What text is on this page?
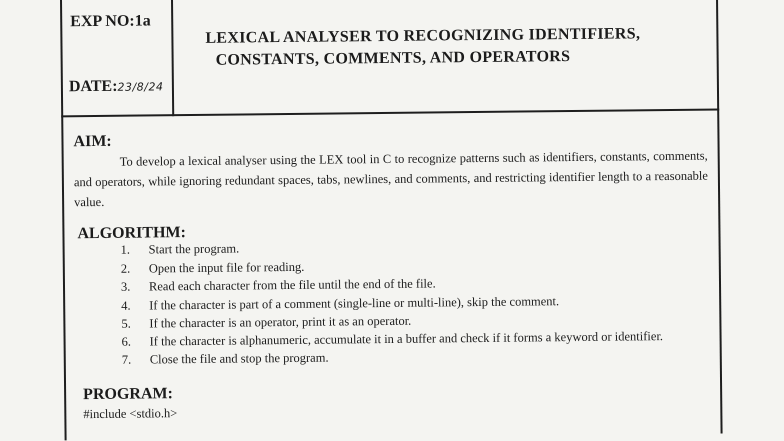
EXP NO:1a
DATE:23/8/24
LEXICAL ANALYSER TO RECOGNIZING IDENTIFIERS,
CONSTANTS, COMMENTS, AND OPERATORS
AIM:
To develop a lexical analyser using the LEX tool in C to recognize patterns such as identifiers, constants, comments, and operators, while ignoring redundant spaces, tabs, newlines, and comments, and restricting identifier length to a reasonable value.
ALGORITHM:
1. Start the program.
2. Open the input file for reading.
3. Read each character from the file until the end of the file.
4. If the character is part of a comment (single-line or multi-line), skip the comment.
5. If the character is an operator, print it as an operator.
6. If the character is alphanumeric, accumulate it in a buffer and check if it forms a keyword or identifier.
7. Close the file and stop the program.
PROGRAM:
#include <stdio.h>
